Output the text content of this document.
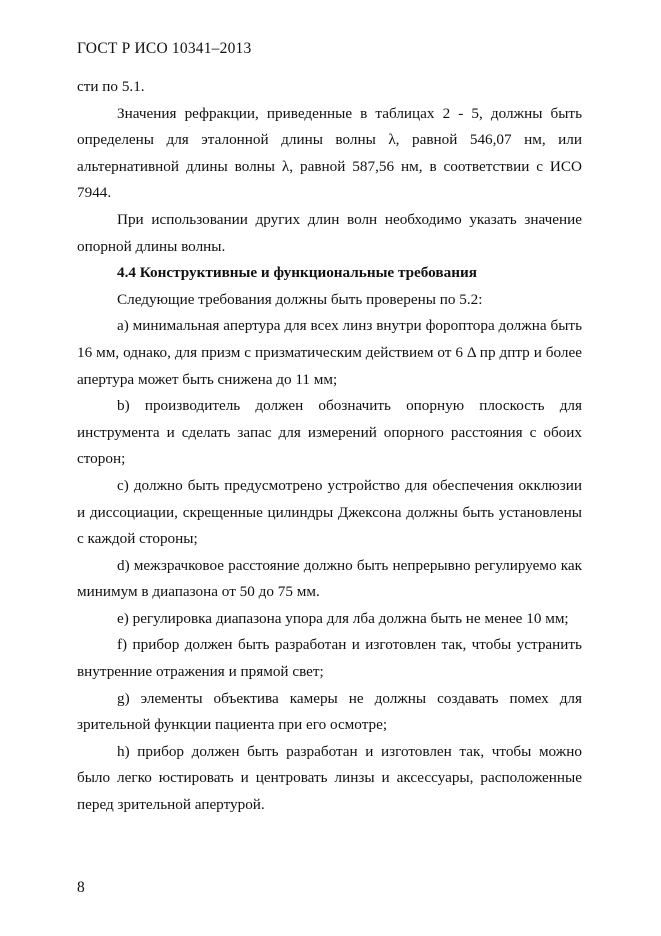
ГОСТ Р ИСО 10341–2013

сти по 5.1.

Значения рефракции, приведенные в таблицах 2 - 5, должны быть определены для эталонной длины волны λ, равной 546,07 нм, или альтернативной длины волны λ, равной 587,56 нм, в соответствии с ИСО 7944.

При использовании других длин волн необходимо указать значение опорной длины волны.

4.4 Конструктивные и функциональные требования

Следующие требования должны быть проверены по 5.2:

a) минимальная апертура для всех линз внутри фороптора должна быть 16 мм, однако, для призм с призматическим действием от 6 Δ пр дптр и более апертура может быть снижена до 11 мм;

b) производитель должен обозначить опорную плоскость для инструмента и сделать запас для измерений опорного расстояния с обоих сторон;

c) должно быть предусмотрено устройство для обеспечения окклюзии и диссоциации, скрещенные цилиндры Джексона должны быть установлены с каждой стороны;

d) межзрачковое расстояние должно быть непрерывно регулируемо как минимум в диапазона от 50 до 75 мм.

e) регулировка диапазона упора для лба должна быть не менее 10 мм;

f) прибор должен быть разработан и изготовлен так, чтобы устранить внутренние отражения и прямой свет;

g) элементы объектива камеры не должны создавать помех для зрительной функции пациента при его осмотре;

h) прибор должен быть разработан и изготовлен так, чтобы можно было легко юстировать и центровать линзы и аксессуары, расположенные перед зрительной апертурой.

8
